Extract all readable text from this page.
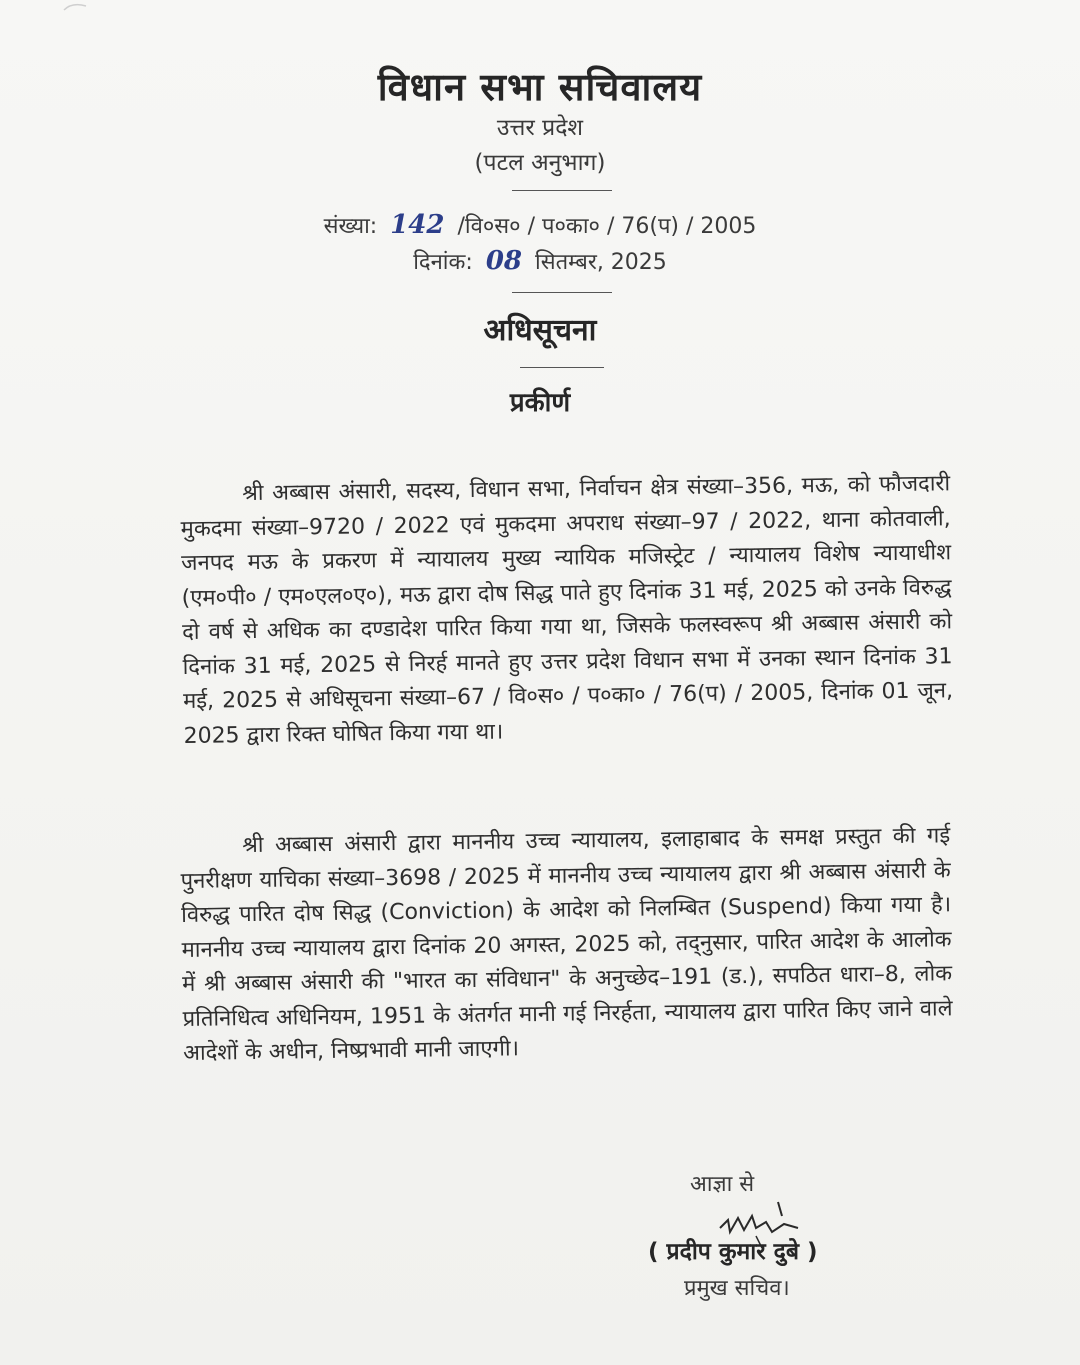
विधान सभा सचिवालय
उत्तर प्रदेश
(पटल अनुभाग)
संख्या: 142 /वि०स० / प०का० / 76(प) / 2005
दिनांक: 08 सितम्बर, 2025
अधिसूचना
प्रकीर्ण

श्री अब्बास अंसारी, सदस्य, विधान सभा, निर्वाचन क्षेत्र संख्या–356, मऊ, को फौजदारी मुकदमा संख्या–9720 / 2022 एवं मुकदमा अपराध संख्या–97 / 2022, थाना कोतवाली, जनपद मऊ के प्रकरण में न्यायालय मुख्य न्यायिक मजिस्ट्रेट / न्यायालय विशेष न्यायाधीश (एम०पी० / एम०एल०ए०), मऊ द्वारा दोष सिद्ध पाते हुए दिनांक 31 मई, 2025 को उनके विरुद्ध दो वर्ष से अधिक का दण्डादेश पारित किया गया था, जिसके फलस्वरूप श्री अब्बास अंसारी को दिनांक 31 मई, 2025 से निरर्ह मानते हुए उत्तर प्रदेश विधान सभा में उनका स्थान दिनांक 31 मई, 2025 से अधिसूचना संख्या–67 / वि०स० / प०का० / 76(प) / 2005, दिनांक 01 जून, 2025 द्वारा रिक्त घोषित किया गया था।

श्री अब्बास अंसारी द्वारा माननीय उच्च न्यायालय, इलाहाबाद के समक्ष प्रस्तुत की गई पुनरीक्षण याचिका संख्या–3698 / 2025 में माननीय उच्च न्यायालय द्वारा श्री अब्बास अंसारी के विरुद्ध पारित दोष सिद्ध (Conviction) के आदेश को निलम्बित (Suspend) किया गया है। माननीय उच्च न्यायालय द्वारा दिनांक 20 अगस्त, 2025 को, तद्नुसार, पारित आदेश के आलोक में श्री अब्बास अंसारी की "भारत का संविधान" के अनुच्छेद–191 (ड.), सपठित धारा–8, लोक प्रतिनिधित्व अधिनियम, 1951 के अंतर्गत मानी गई निरर्हता, न्यायालय द्वारा पारित किए जाने वाले आदेशों के अधीन, निष्प्रभावी मानी जाएगी।

आज्ञा से
( प्रदीप कुमार दुबे )
प्रमुख सचिव।
